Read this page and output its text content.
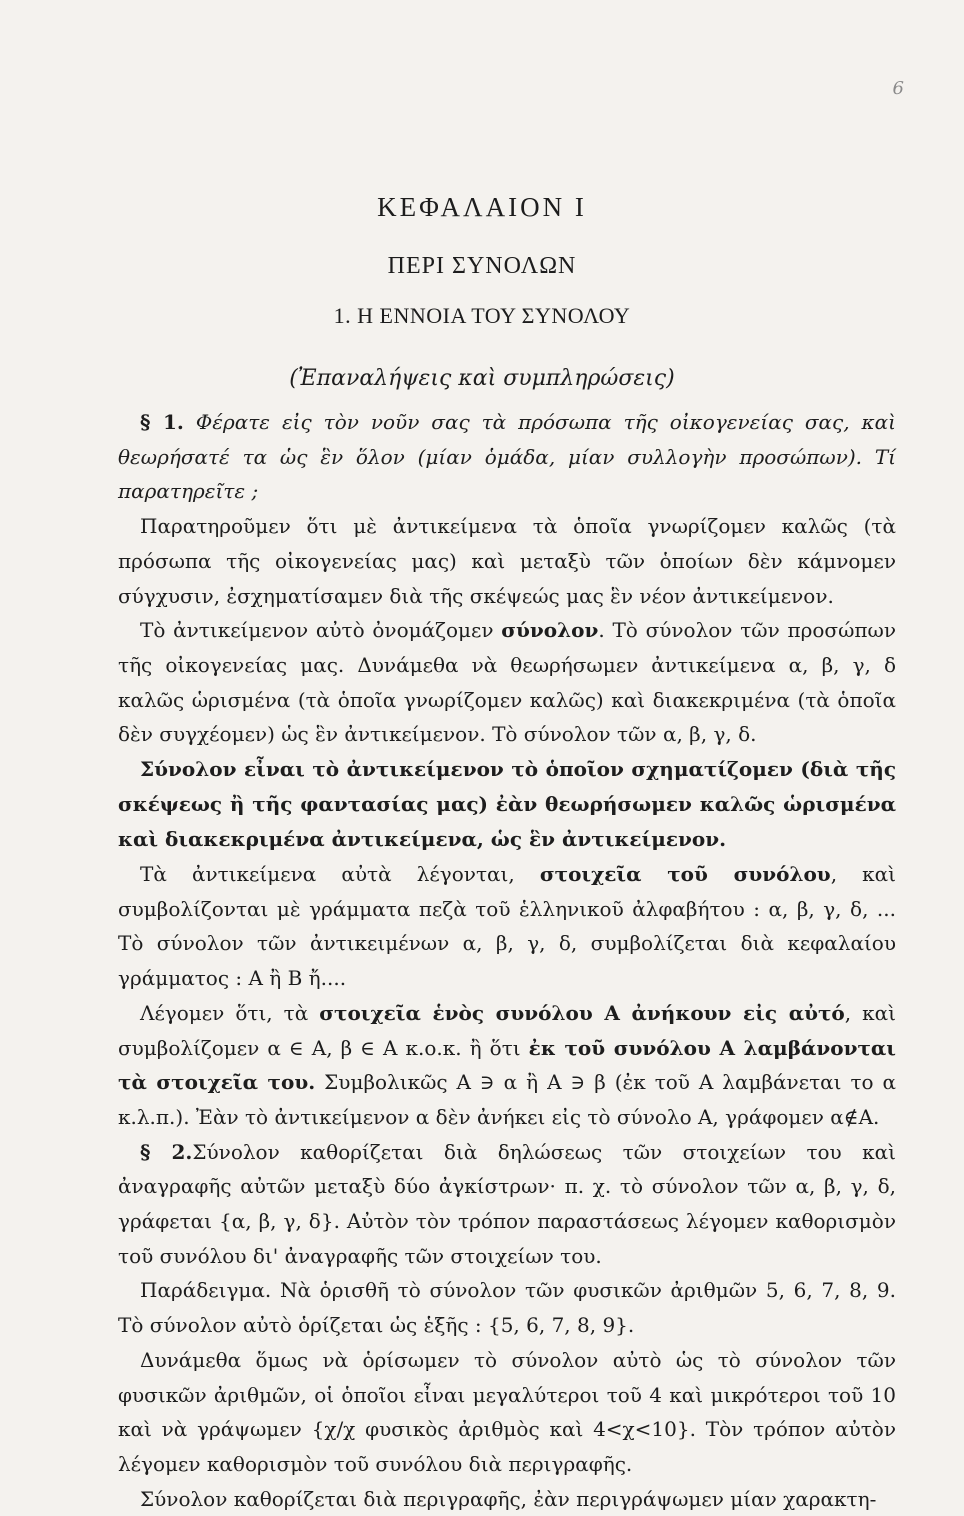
6
ΚΕΦΑΛΑΙΟΝ Ι
ΠΕΡΙ ΣΥΝΟΛΩΝ
1. Η ΕΝΝΟΙΑ ΤΟΥ ΣΥΝΟΛΟΥ
(Ἐπαναλήψεις καὶ συμπληρώσεις)

§ 1. Φέρατε εἰς τὸν νοῦν σας τὰ πρόσωπα τῆς οἰκογενείας σας, καὶ θεωρήσατέ τα ὡς ἓν ὅλον (μίαν ὁμάδα, μίαν συλλογὴν προσώπων). Τί παρατηρεῖτε ;

Παρατηροῦμεν ὅτι μὲ ἀντικείμενα τὰ ὁποῖα γνωρίζομεν καλῶς (τὰ πρόσωπα τῆς οἰκογενείας μας) καὶ μεταξὺ τῶν ὁποίων δὲν κάμνομεν σύγχυσιν, ἐσχηματίσαμεν διὰ τῆς σκέψεώς μας ἓν νέον ἀντικείμενον.

Τὸ ἀντικείμενον αὐτὸ ὀνομάζομεν σύνολον. Τὸ σύνολον τῶν προσώπων τῆς οἰκογενείας μας. Δυνάμεθα νὰ θεωρήσωμεν ἀντικείμενα α, β, γ, δ καλῶς ὡρισμένα (τὰ ὁποῖα γνωρίζομεν καλῶς) καὶ διακεκριμένα (τὰ ὁποῖα δὲν συγχέομεν) ὡς ἓν ἀντικείμενον. Τὸ σύνολον τῶν α, β, γ, δ.

Σύνολον εἶναι τὸ ἀντικείμενον τὸ ὁποῖον σχηματίζομεν (διὰ τῆς σκέψεως ἢ τῆς φαντασίας μας) ἐὰν θεωρήσωμεν καλῶς ὡρισμένα καὶ διακεκριμένα ἀντικείμενα, ὡς ἓν ἀντικείμενον.

Τὰ ἀντικείμενα αὐτὰ λέγονται, στοιχεῖα τοῦ συνόλου, καὶ συμβολίζονται μὲ γράμματα πεζὰ τοῦ ἑλληνικοῦ ἀλφαβήτου : α, β, γ, δ, ... Τὸ σύνολον τῶν ἀντικειμένων α, β, γ, δ, συμβολίζεται διὰ κεφαλαίου γράμματος : Α ἢ Β ἤ....

Λέγομεν ὅτι, τὰ στοιχεῖα ἑνὸς συνόλου Α ἀνήκουν εἰς αὐτό, καὶ συμβολίζομεν α ∈ Α, β ∈ Α κ.ο.κ. ἢ ὅτι ἐκ τοῦ συνόλου Α λαμβάνονται τὰ στοιχεῖα του. Συμβολικῶς Α ∋ α ἢ Α ∋ β (ἐκ τοῦ Α λαμβάνεται το α κ.λ.π.). Ἐὰν τὸ ἀντικείμενον α δὲν ἀνήκει εἰς τὸ σύνολο Α, γράφομεν α∉Α.

§ 2.Σύνολον καθορίζεται διὰ δηλώσεως τῶν στοιχείων του καὶ ἀναγραφῆς αὐτῶν μεταξὺ δύο ἀγκίστρων· π. χ. τὸ σύνολον τῶν α, β, γ, δ, γράφεται {α, β, γ, δ}. Αὐτὸν τὸν τρόπον παραστάσεως λέγομεν καθορισμὸν τοῦ συνόλου δι' ἀναγραφῆς τῶν στοιχείων του.

Παράδειγμα. Νὰ ὁρισθῆ τὸ σύνολον τῶν φυσικῶν ἀριθμῶν 5, 6, 7, 8, 9. Τὸ σύνολον αὐτὸ ὁρίζεται ὡς ἑξῆς : {5, 6, 7, 8, 9}.

Δυνάμεθα ὅμως νὰ ὁρίσωμεν τὸ σύνολον αὐτὸ ὡς τὸ σύνολον τῶν φυσικῶν ἀριθμῶν, οἱ ὁποῖοι εἶναι μεγαλύτεροι τοῦ 4 καὶ μικρότεροι τοῦ 10 καὶ νὰ γράψωμεν {χ/χ φυσικὸς ἀριθμὸς καὶ 4<χ<10}. Τὸν τρόπον αὐτὸν λέγομεν καθορισμὸν τοῦ συνόλου διὰ περιγραφῆς.

Σύνολον καθορίζεται διὰ περιγραφῆς, ἐὰν περιγράψωμεν μίαν χαρακτη-
